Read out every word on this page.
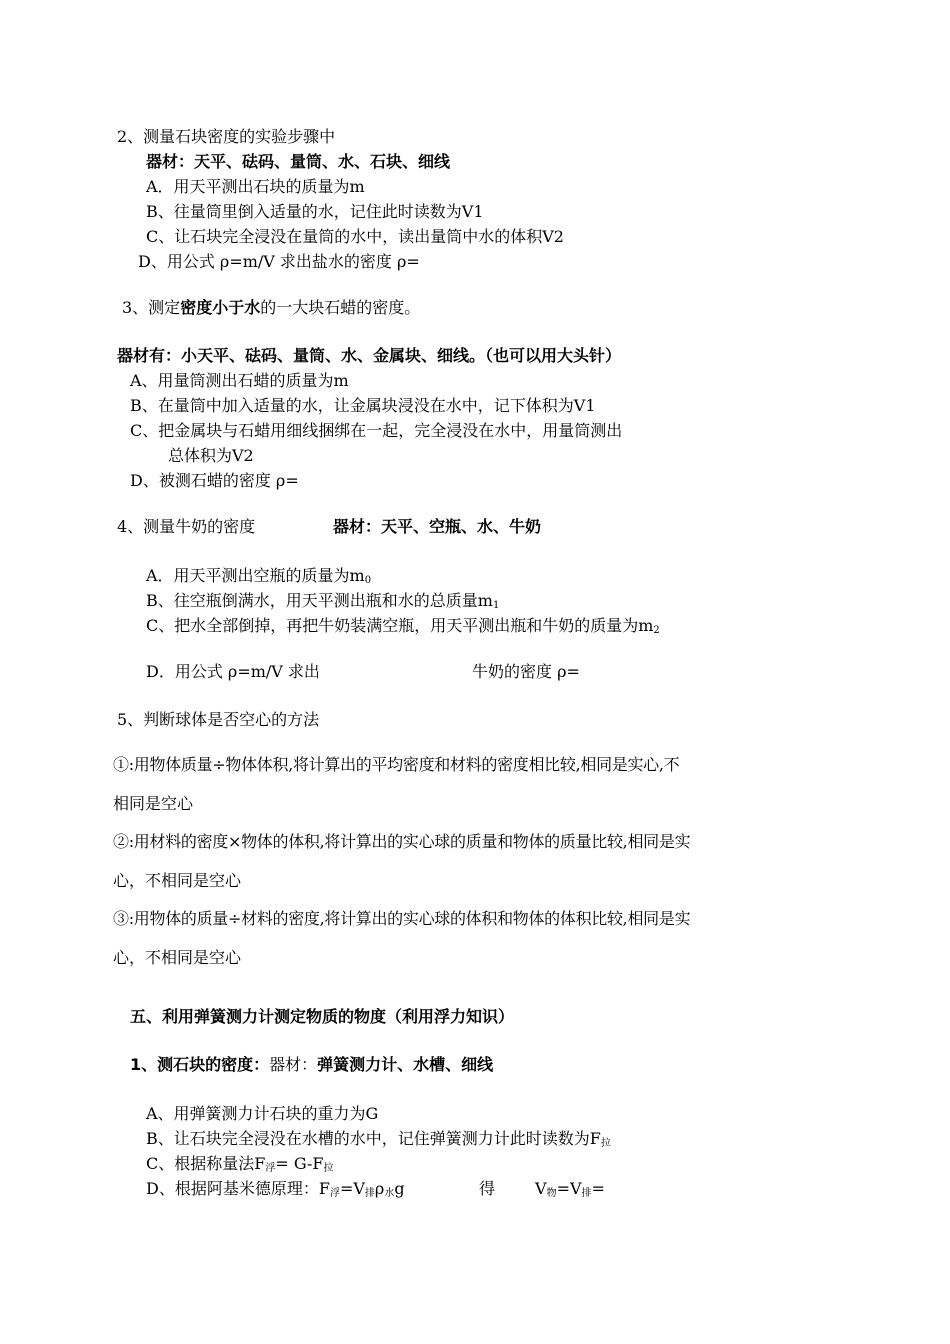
2、测量石块密度的实验步骤中
器材：天平、砝码、量筒、水、石块、细线
A．用天平测出石块的质量为m
B、往量筒里倒入适量的水，记住此时读数为V1
C、让石块完全浸没在量筒的水中，读出量筒中水的体积V2
D、用公式 ρ=m/V 求出盐水的密度 ρ=
3、测定密度小于水的一大块石蜡的密度。
器材有：小天平、砝码、量筒、水、金属块、细线。（也可以用大头针）
A、用量筒测出石蜡的质量为m
B、在量筒中加入适量的水，让金属块浸没在水中，记下体积为V1
C、把金属块与石蜡用细线捆绑在一起，完全浸没在水中，用量筒测出
总体积为V2
D、被测石蜡的密度 ρ=
4、测量牛奶的密度	器材：天平、空瓶、水、牛奶
A．用天平测出空瓶的质量为$m_0$
B、往空瓶倒满水，用天平测出瓶和水的总质量$m_1$
C、把水全部倒掉，再把牛奶装满空瓶，用天平测出瓶和牛奶的质量为$m_2$
D．用公式 ρ=m/V 求出	牛奶的密度 ρ=
5、判断球体是否空心的方法
①:用物体质量÷物体体积,将计算出的平均密度和材料的密度相比较,相同是实心,不
相同是空心
②:用材料的密度×物体的体积,将计算出的实心球的质量和物体的质量比较,相同是实
心，不相同是空心
③:用物体的质量÷材料的密度,将计算出的实心球的体积和物体的体积比较,相同是实
心，不相同是空心
五、利用弹簧测力计测定物质的物度（利用浮力知识）
1、测石块的密度：器材：弹簧测力计、水槽、细线
A、用弹簧测力计石块的重力为G
B、让石块完全浸没在水槽的水中，记住弹簧测力计此时读数为$F_拉$
C、根据称量法$F_浮= G-F_拉$
D、根据阿基米德原理：$F_浮=V_排\rho_水g$	得 $V_物=V_排=$
